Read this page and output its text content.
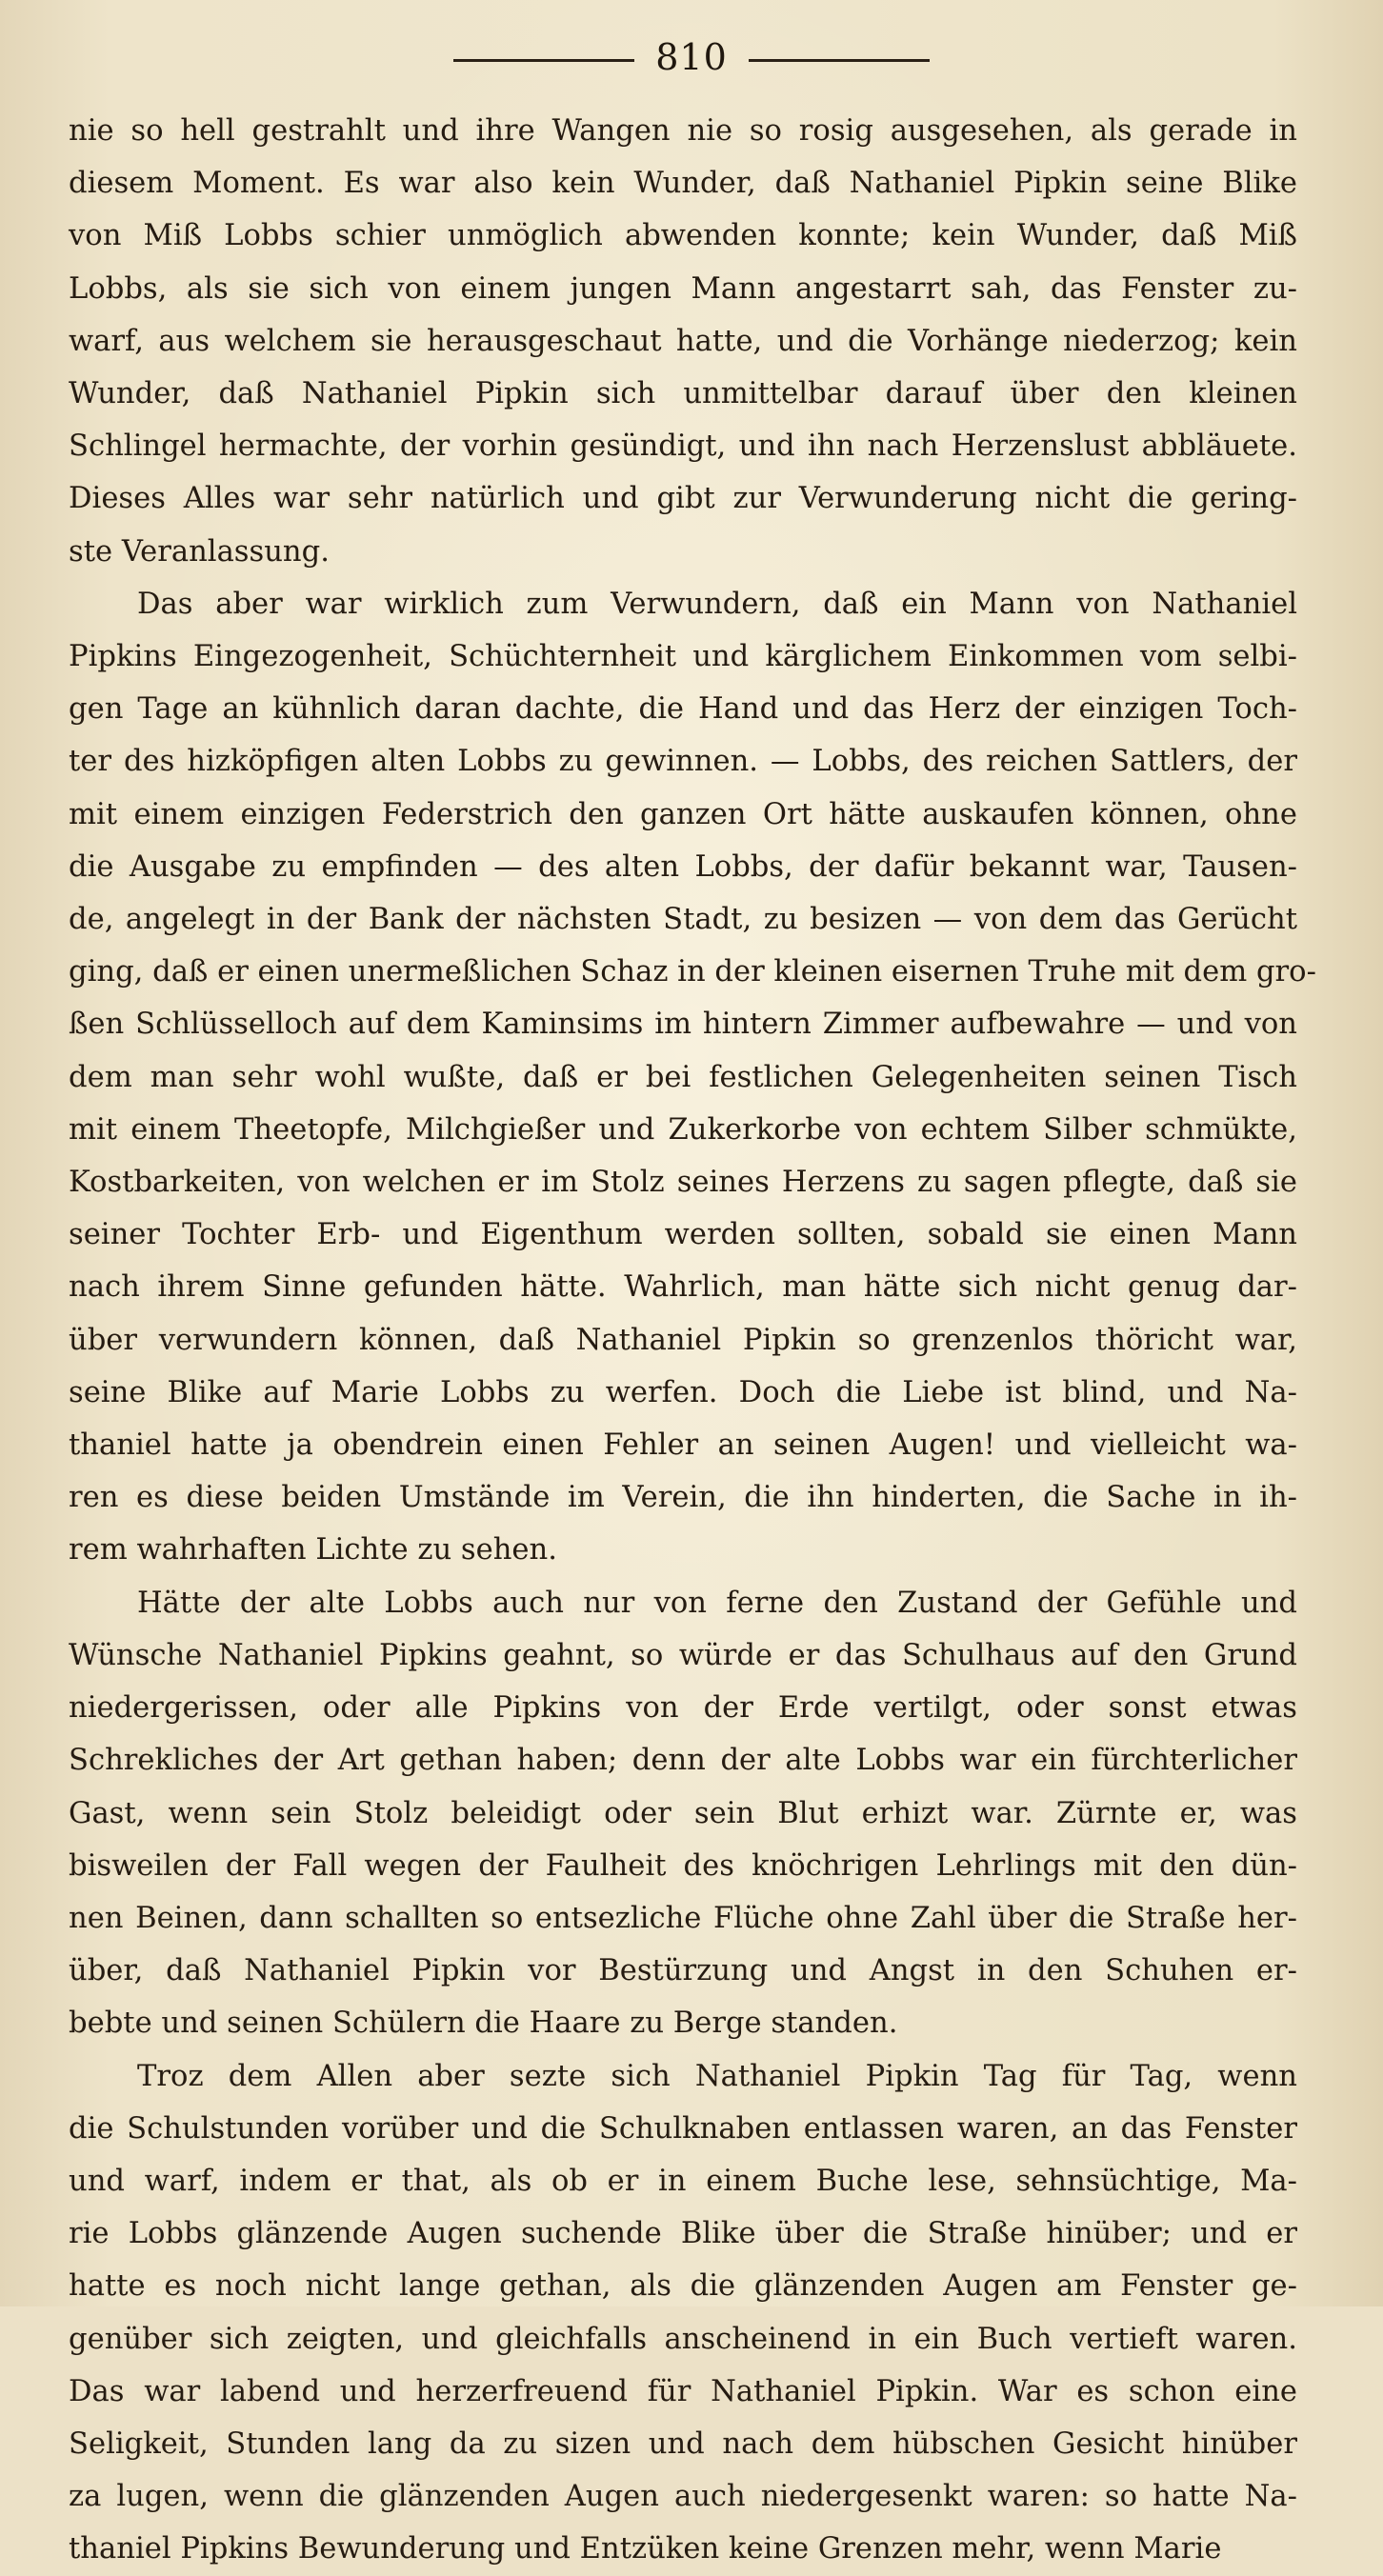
810
nie so hell gestrahlt und ihre Wangen nie so rosig ausgesehen, als gerade in
diesem Moment. Es war also kein Wunder, daß Nathaniel Pipkin seine Blike
von Miß Lobbs schier unmöglich abwenden konnte; kein Wunder, daß Miß
Lobbs, als sie sich von einem jungen Mann angestarrt sah, das Fenster zu-
warf, aus welchem sie herausgeschaut hatte, und die Vorhänge niederzog; kein
Wunder, daß Nathaniel Pipkin sich unmittelbar darauf über den kleinen
Schlingel hermachte, der vorhin gesündigt, und ihn nach Herzenslust abbläuete.
Dieses Alles war sehr natürlich und gibt zur Verwunderung nicht die gering-
ste Veranlassung.
Das aber war wirklich zum Verwundern, daß ein Mann von Nathaniel
Pipkins Eingezogenheit, Schüchternheit und kärglichem Einkommen vom selbi-
gen Tage an kühnlich daran dachte, die Hand und das Herz der einzigen Toch-
ter des hizköpfigen alten Lobbs zu gewinnen. — Lobbs, des reichen Sattlers, der
mit einem einzigen Federstrich den ganzen Ort hätte auskaufen können, ohne
die Ausgabe zu empfinden — des alten Lobbs, der dafür bekannt war, Tausen-
de, angelegt in der Bank der nächsten Stadt, zu besizen — von dem das Gerücht
ging, daß er einen unermeßlichen Schaz in der kleinen eisernen Truhe mit dem gro-
ßen Schlüsselloch auf dem Kaminsims im hintern Zimmer aufbewahre — und von
dem man sehr wohl wußte, daß er bei festlichen Gelegenheiten seinen Tisch
mit einem Theetopfe, Milchgießer und Zukerkorbe von echtem Silber schmükte,
Kostbarkeiten, von welchen er im Stolz seines Herzens zu sagen pflegte, daß sie
seiner Tochter Erb- und Eigenthum werden sollten, sobald sie einen Mann
nach ihrem Sinne gefunden hätte. Wahrlich, man hätte sich nicht genug dar-
über verwundern können, daß Nathaniel Pipkin so grenzenlos thöricht war,
seine Blike auf Marie Lobbs zu werfen. Doch die Liebe ist blind, und Na-
thaniel hatte ja obendrein einen Fehler an seinen Augen! und vielleicht wa-
ren es diese beiden Umstände im Verein, die ihn hinderten, die Sache in ih-
rem wahrhaften Lichte zu sehen.
Hätte der alte Lobbs auch nur von ferne den Zustand der Gefühle und
Wünsche Nathaniel Pipkins geahnt, so würde er das Schulhaus auf den Grund
niedergerissen, oder alle Pipkins von der Erde vertilgt, oder sonst etwas
Schrekliches der Art gethan haben; denn der alte Lobbs war ein fürchterlicher
Gast, wenn sein Stolz beleidigt oder sein Blut erhizt war. Zürnte er, was
bisweilen der Fall wegen der Faulheit des knöchrigen Lehrlings mit den dün-
nen Beinen, dann schallten so entsezliche Flüche ohne Zahl über die Straße her-
über, daß Nathaniel Pipkin vor Bestürzung und Angst in den Schuhen er-
bebte und seinen Schülern die Haare zu Berge standen.
Troz dem Allen aber sezte sich Nathaniel Pipkin Tag für Tag, wenn
die Schulstunden vorüber und die Schulknaben entlassen waren, an das Fenster
und warf, indem er that, als ob er in einem Buche lese, sehnsüchtige, Ma-
rie Lobbs glänzende Augen suchende Blike über die Straße hinüber; und er
hatte es noch nicht lange gethan, als die glänzenden Augen am Fenster ge-
genüber sich zeigten, und gleichfalls anscheinend in ein Buch vertieft waren.
Das war labend und herzerfreuend für Nathaniel Pipkin. War es schon eine
Seligkeit, Stunden lang da zu sizen und nach dem hübschen Gesicht hinüber
za lugen, wenn die glänzenden Augen auch niedergesenkt waren: so hatte Na-
thaniel Pipkins Bewunderung und Entzüken keine Grenzen mehr, wenn Marie
